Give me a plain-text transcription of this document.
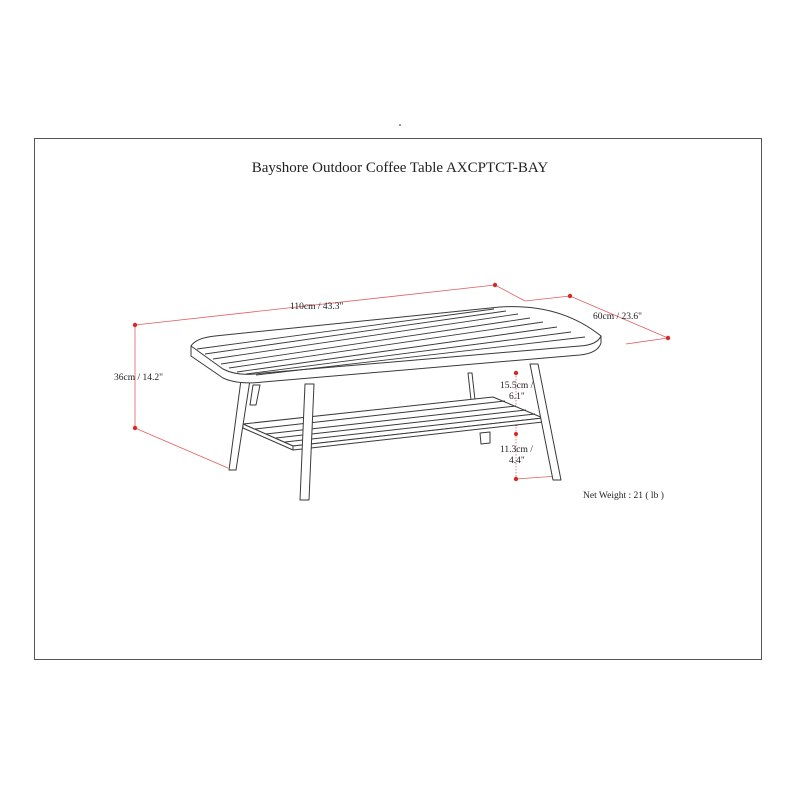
Bayshore Outdoor Coffee Table AXCPTCT-BAY
110cm / 43.3"
60cm / 23.6"
36cm / 14.2"
15.5cm /
6.1"
11.3cm /
4.4"
Net Weight : 21 ( lb )
